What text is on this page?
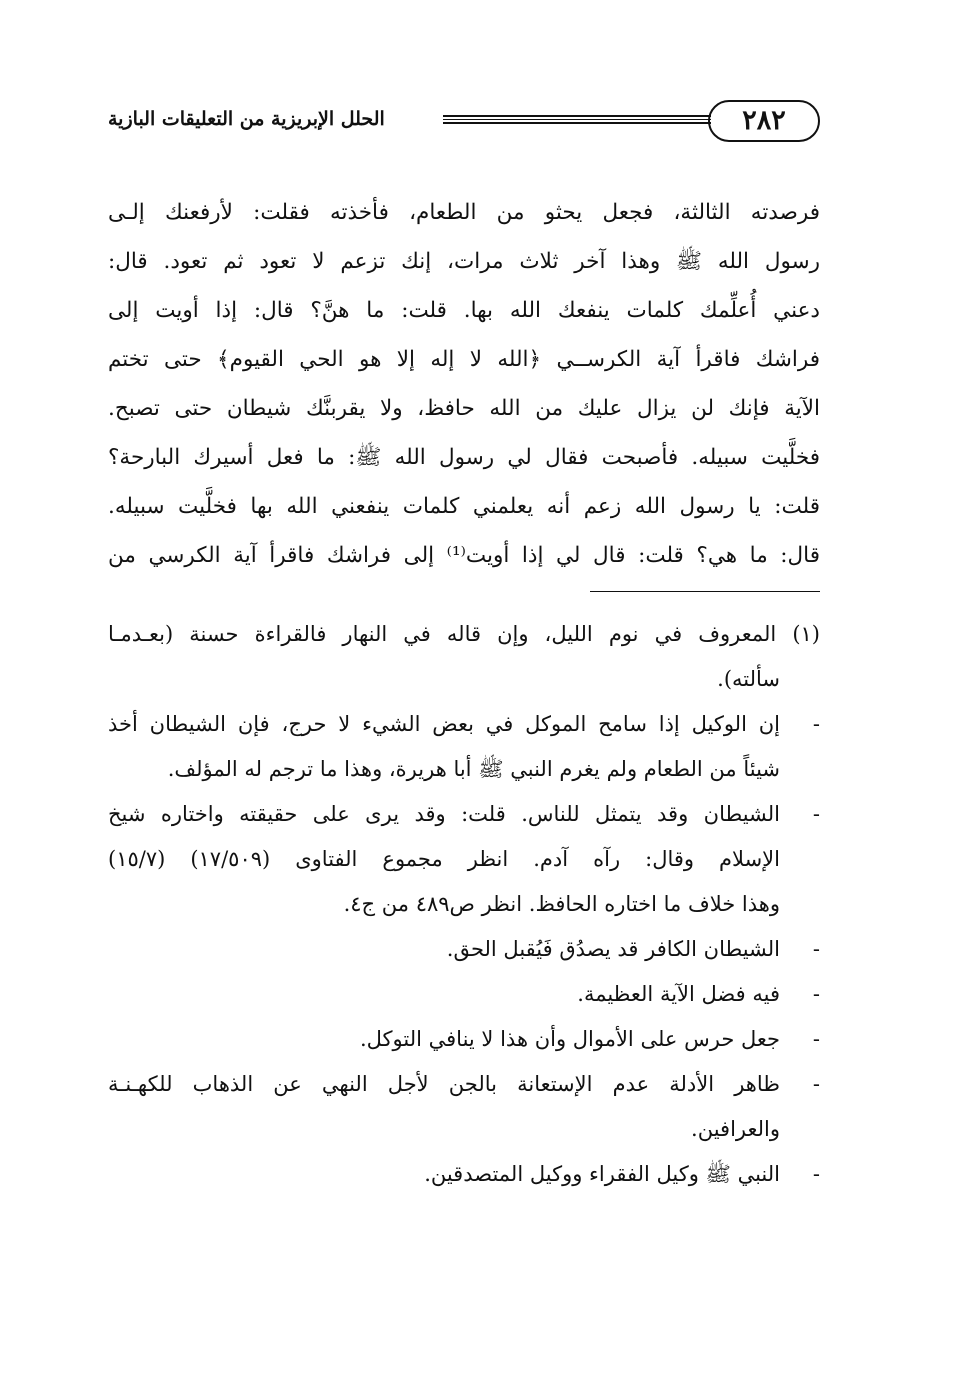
الحلل الإبريزية من التعليقات البازية	٢٨٢
فرصدته الثالثة، فجعل يحثو من الطعام، فأخذته فقلت: لأرفعنك إلـى
رسول الله ﷺ وهذا آخر ثلاث مرات، إنك تزعم لا تعود ثم تعود. قال:
دعني أُعلِّمك كلمات ينفعك الله بها. قلت: ما هنَّ؟ قال: إذا أويت إلى
فراشك فاقرأ آية الكرســي ﴿الله لا إله إلا هو الحي القيوم﴾ حتى تختم
الآية فإنك لن يزال عليك من الله حافظ، ولا يقربنَّك شيطان حتى تصبح.
فخلَّيت سبيله. فأصبحت فقال لي رسول الله ﷺ: ما فعل أسيرك البارحة؟
قلت: يا رسول الله زعم أنه يعلمني كلمات ينفعني الله بها فخلَّيت سبيله.
قال: ما هي؟ قلت: قال لي إذا أويت⁽¹⁾ إلى فراشك فاقرأ آية الكرسي من
(١) المعروف في نوم الليل، وإن قاله في النهار فالقراءة حسنة (بعـدمـا
سألته).
-
إن الوكيل إذا سامح الموكل في بعض الشيء لا حرج، فإن الشيطان أخذ
شيئاً من الطعام ولم يغرم النبي ﷺ أبا هريرة، وهذا ما ترجم له المؤلف.
-
الشيطان وقد يتمثل للناس. قلت: وقد يرى على حقيقته واختاره شيخ
الإسلام وقال: رآه آدم. انظر مجموع الفتاوى (١٧/٥٠٩) (١٥/٧)
وهذا خلاف ما اختاره الحافظ. انظر ص٤٨٩ من ج٤.
-
الشيطان الكافر قد يصدُق فَيُقبل الحق.
-
فيه فضل الآية العظيمة.
-
جعل حرس على الأموال وأن هذا لا ينافي التوكل.
-
ظاهر الأدلة عدم الإستعانة بالجن لأجل النهي عن الذهاب للكهـنـة
والعرافين.
-
النبي ﷺ وكيل الفقراء ووكيل المتصدقين.
